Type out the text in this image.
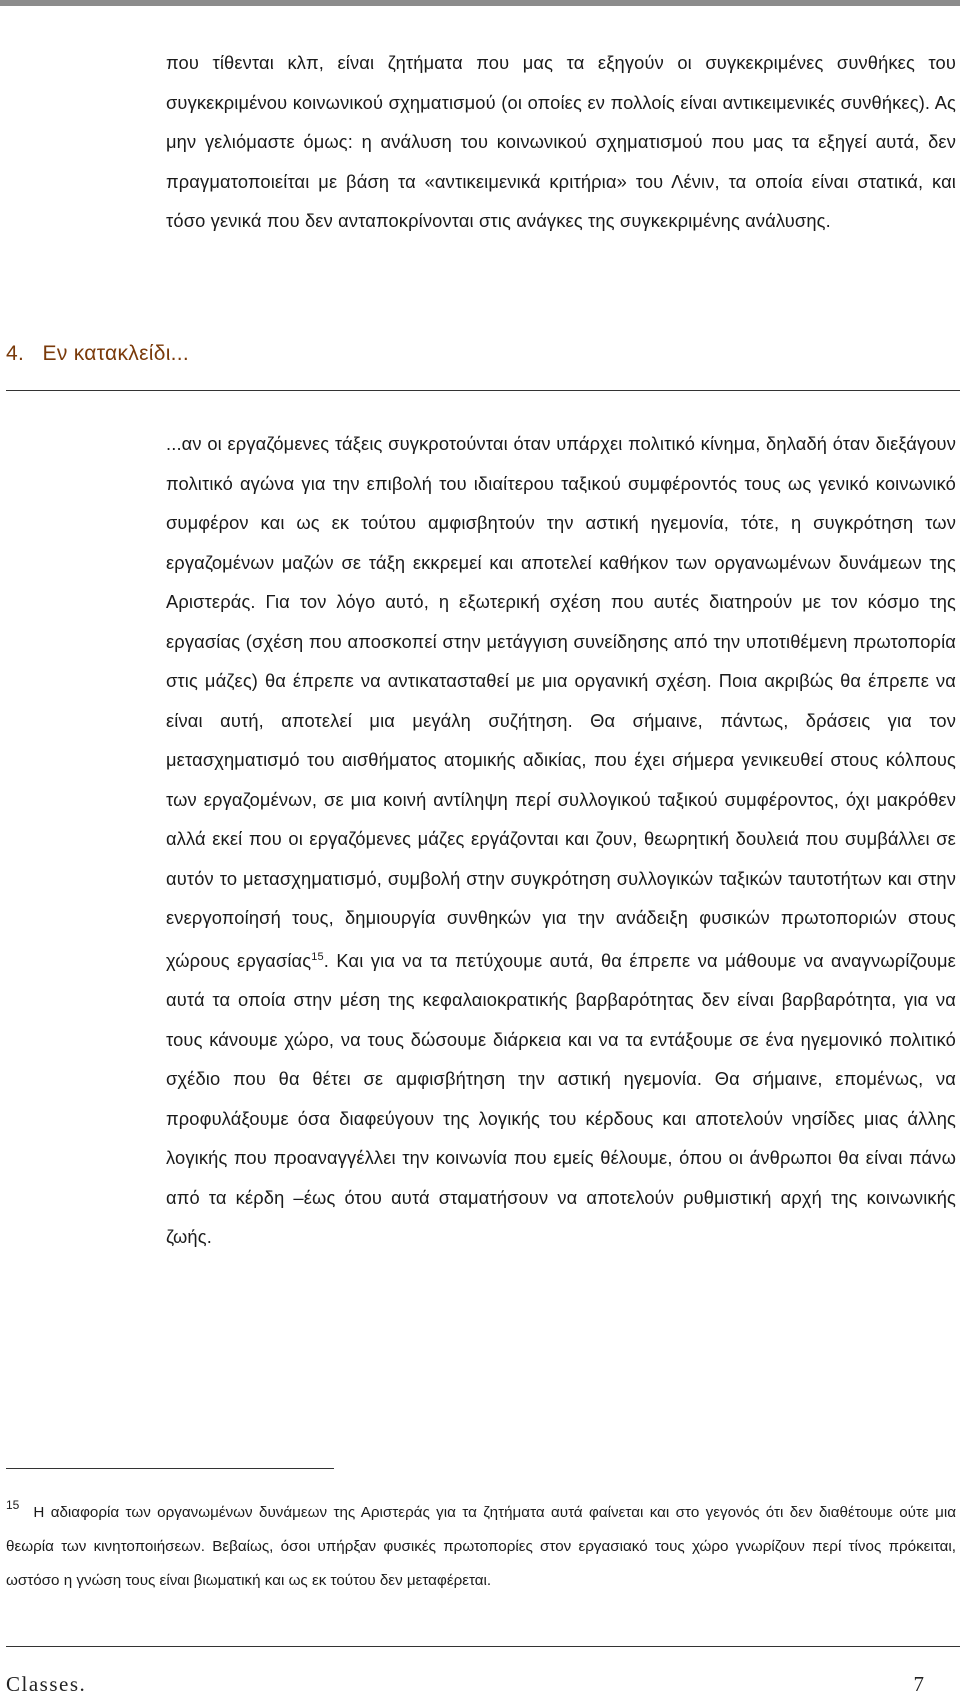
που τίθενται κλπ, είναι ζητήματα που μας τα εξηγούν οι συγκεκριμένες συνθήκες του συγκεκριμένου κοινωνικού σχηματισμού (οι οποίες εν πολλοίς είναι αντικειμενικές συνθήκες). Ας μην γελιόμαστε όμως: η ανάλυση του κοινωνικού σχηματισμού που μας τα εξηγεί αυτά, δεν πραγματοποιείται με βάση τα «αντικειμενικά κριτήρια» του Λένιν, τα οποία είναι στατικά, και τόσο γενικά που δεν ανταποκρίνονται στις ανάγκες της συγκεκριμένης ανάλυσης.

4.   Εν κατακλείδι...

...αν οι εργαζόμενες τάξεις συγκροτούνται όταν υπάρχει πολιτικό κίνημα, δηλαδή όταν διεξάγουν πολιτικό αγώνα για την επιβολή του ιδιαίτερου ταξικού συμφέροντός τους ως γενικό κοινωνικό συμφέρον και ως εκ τούτου αμφισβητούν την αστική ηγεμονία, τότε, η συγκρότηση των εργαζομένων μαζών σε τάξη εκκρεμεί και αποτελεί καθήκον των οργανωμένων δυνάμεων της Αριστεράς. Για τον λόγο αυτό, η εξωτερική σχέση που αυτές διατηρούν με τον κόσμο της εργασίας (σχέση που αποσκοπεί στην μετάγγιση συνείδησης από την υποτιθέμενη πρωτοπορία στις μάζες) θα έπρεπε να αντικατασταθεί με μια οργανική σχέση. Ποια ακριβώς θα έπρεπε να είναι αυτή, αποτελεί μια μεγάλη συζήτηση. Θα σήμαινε, πάντως, δράσεις για τον μετασχηματισμό του αισθήματος ατομικής αδικίας, που έχει σήμερα γενικευθεί στους κόλπους των εργαζομένων, σε μια κοινή αντίληψη περί συλλογικού ταξικού συμφέροντος, όχι μακρόθεν αλλά εκεί που οι εργαζόμενες μάζες εργάζονται και ζουν, θεωρητική δουλειά που συμβάλλει σε αυτόν το μετασχηματισμό, συμβολή στην συγκρότηση συλλογικών ταξικών ταυτοτήτων και στην ενεργοποίησή τους, δημιουργία συνθηκών για την ανάδειξη φυσικών πρωτοποριών στους χώρους εργασίας$^{15}$. Και για να τα πετύχουμε αυτά, θα έπρεπε να μάθουμε να αναγνωρίζουμε αυτά τα οποία στην μέση της κεφαλαιοκρατικής βαρβαρότητας δεν είναι βαρβαρότητα, για να τους κάνουμε χώρο, να τους δώσουμε διάρκεια και να τα εντάξουμε σε ένα ηγεμονικό πολιτικό σχέδιο που θα θέτει σε αμφισβήτηση την αστική ηγεμονία. Θα σήμαινε, επομένως, να προφυλάξουμε όσα διαφεύγουν της λογικής του κέρδους και αποτελούν νησίδες μιας άλλης λογικής που προαναγγέλλει την κοινωνία που εμείς θέλουμε, όπου οι άνθρωποι θα είναι πάνω από τα κέρδη –έως ότου αυτά σταματήσουν να αποτελούν ρυθμιστική αρχή της κοινωνικής ζωής.

$^{15}$ Η αδιαφορία των οργανωμένων δυνάμεων της Αριστεράς για τα ζητήματα αυτά φαίνεται και στο γεγονός ότι δεν διαθέτουμε ούτε μια θεωρία των κινητοποιήσεων. Βεβαίως, όσοι υπήρξαν φυσικές πρωτοπορίες στον εργασιακό τους χώρο γνωρίζουν περί τίνος πρόκειται, ωστόσο η γνώση τους είναι βιωματική και ως εκ τούτου δεν μεταφέρεται.

Classes.	7
